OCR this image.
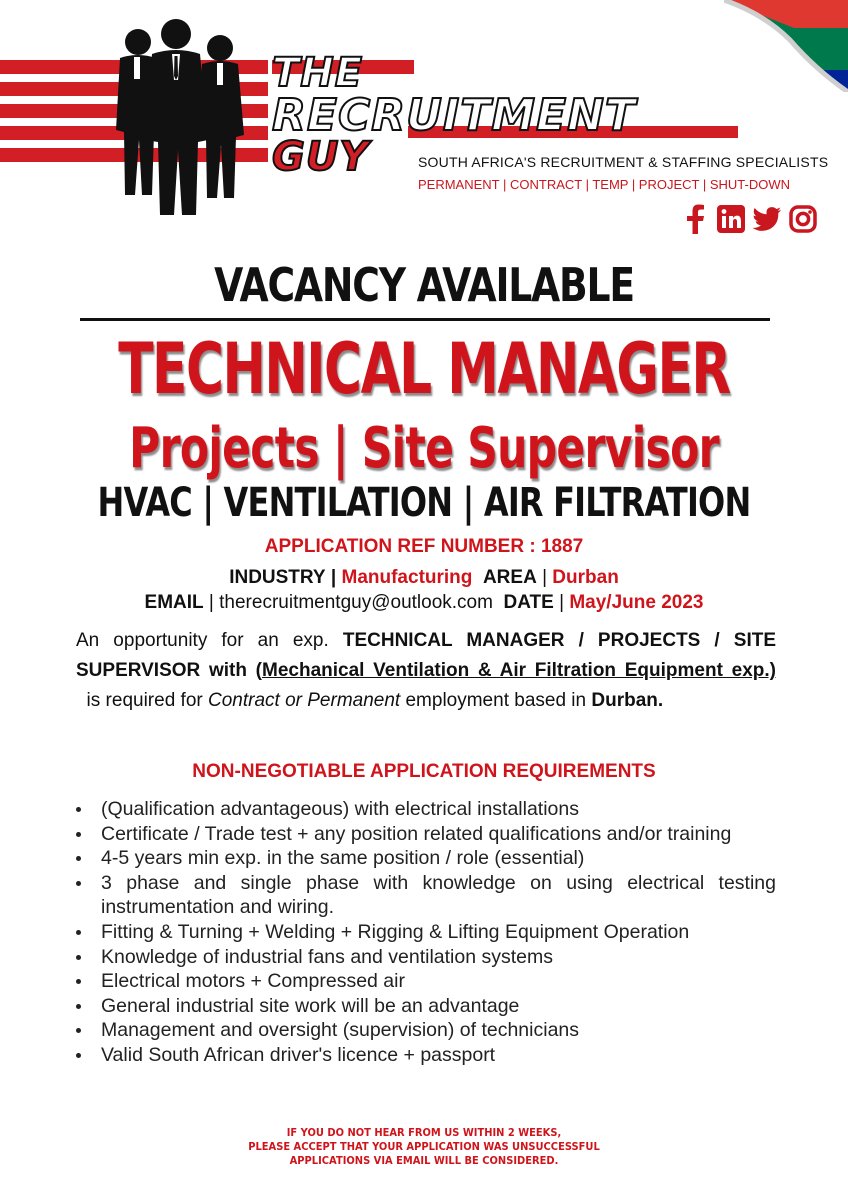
THE
RECRUITMENT
GUY	SOUTH AFRICA'S RECRUITMENT & STAFFING SPECIALISTS
PERMANENT | CONTRACT | TEMP | PROJECT | SHUT-DOWN
VACANCY AVAILABLE
TECHNICAL MANAGER
Projects | Site Supervisor
HVAC | VENTILATION | AIR FILTRATION
APPLICATION REF NUMBER : 1887
INDUSTRY | Manufacturing AREA | Durban
EMAIL | therecruitmentguy@outlook.com DATE | May/June 2023
An opportunity for an exp. TECHNICAL MANAGER / PROJECTS / SITE SUPERVISOR with (Mechanical Ventilation & Air Filtration Equipment exp.)  is required for Contract or Permanent employment based in Durban.
NON-NEGOTIABLE APPLICATION REQUIREMENTS
(Qualification advantageous) with electrical installations
Certificate / Trade test + any position related qualifications and/or training
4-5 years min exp. in the same position / role (essential)
3 phase and single phase with knowledge on using electrical testing instrumentation and wiring.
Fitting & Turning + Welding + Rigging & Lifting Equipment Operation
Knowledge of industrial fans and ventilation systems
Electrical motors + Compressed air
General industrial site work will be an advantage
Management and oversight (supervision) of technicians
Valid South African driver's licence + passport
IF YOU DO NOT HEAR FROM US WITHIN 2 WEEKS,
PLEASE ACCEPT THAT YOUR APPLICATION WAS UNSUCCESSFUL
APPLICATIONS VIA EMAIL WILL BE CONSIDERED.
